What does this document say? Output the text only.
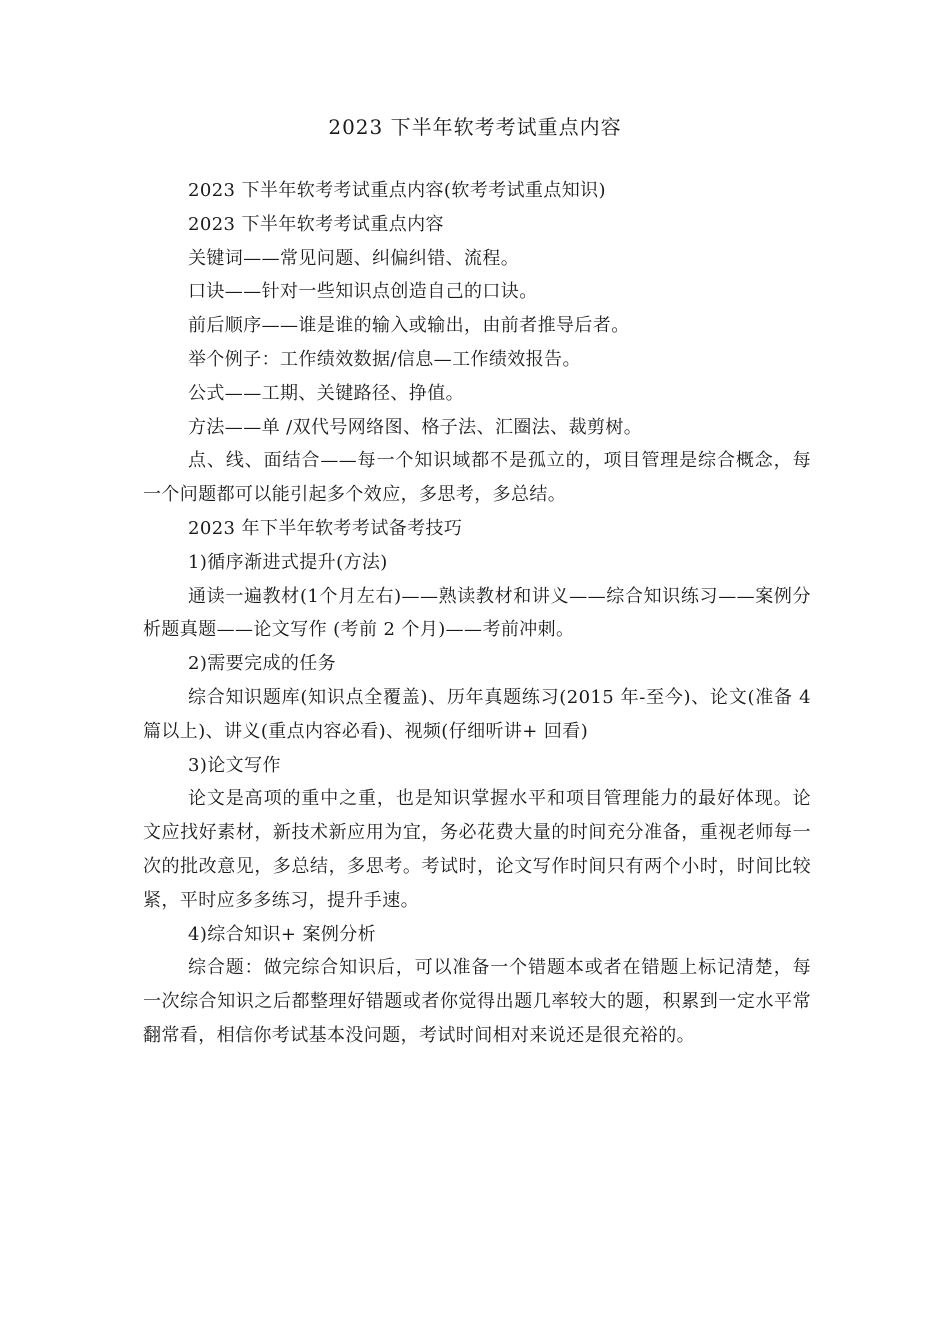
2023 下半年软考考试重点内容

2023 下半年软考考试重点内容(软考考试重点知识)

2023 下半年软考考试重点内容

关键词——常见问题、纠偏纠错、流程。

口诀——针对一些知识点创造自己的口诀。

前后顺序——谁是谁的输入或输出，由前者推导后者。

举个例子：工作绩效数据/信息—工作绩效报告。

公式——工期、关键路径、挣值。

方法——单 /双代号网络图、格子法、汇圈法、裁剪树。

点、线、面结合——每一个知识域都不是孤立的，项目管理是综合概念，每一个问题都可以能引起多个效应，多思考，多总结。

2023 年下半年软考考试备考技巧

1)循序渐进式提升(方法)

通读一遍教材(1个月左右)——熟读教材和讲义——综合知识练习——案例分析题真题——论文写作 (考前 2 个月)——考前冲刺。

2)需要完成的任务

综合知识题库(知识点全覆盖)、历年真题练习(2015 年-至今)、论文(准备 4 篇以上)、讲义(重点内容必看)、视频(仔细听讲+ 回看)

3)论文写作

论文是高项的重中之重，也是知识掌握水平和项目管理能力的最好体现。论文应找好素材，新技术新应用为宜，务必花费大量的时间充分准备，重视老师每一次的批改意见，多总结，多思考。考试时，论文写作时间只有两个小时，时间比较紧，平时应多多练习，提升手速。

4)综合知识+ 案例分析

综合题：做完综合知识后，可以准备一个错题本或者在错题上标记清楚，每一次综合知识之后都整理好错题或者你觉得出题几率较大的题，积累到一定水平常翻常看，相信你考试基本没问题，考试时间相对来说还是很充裕的。
